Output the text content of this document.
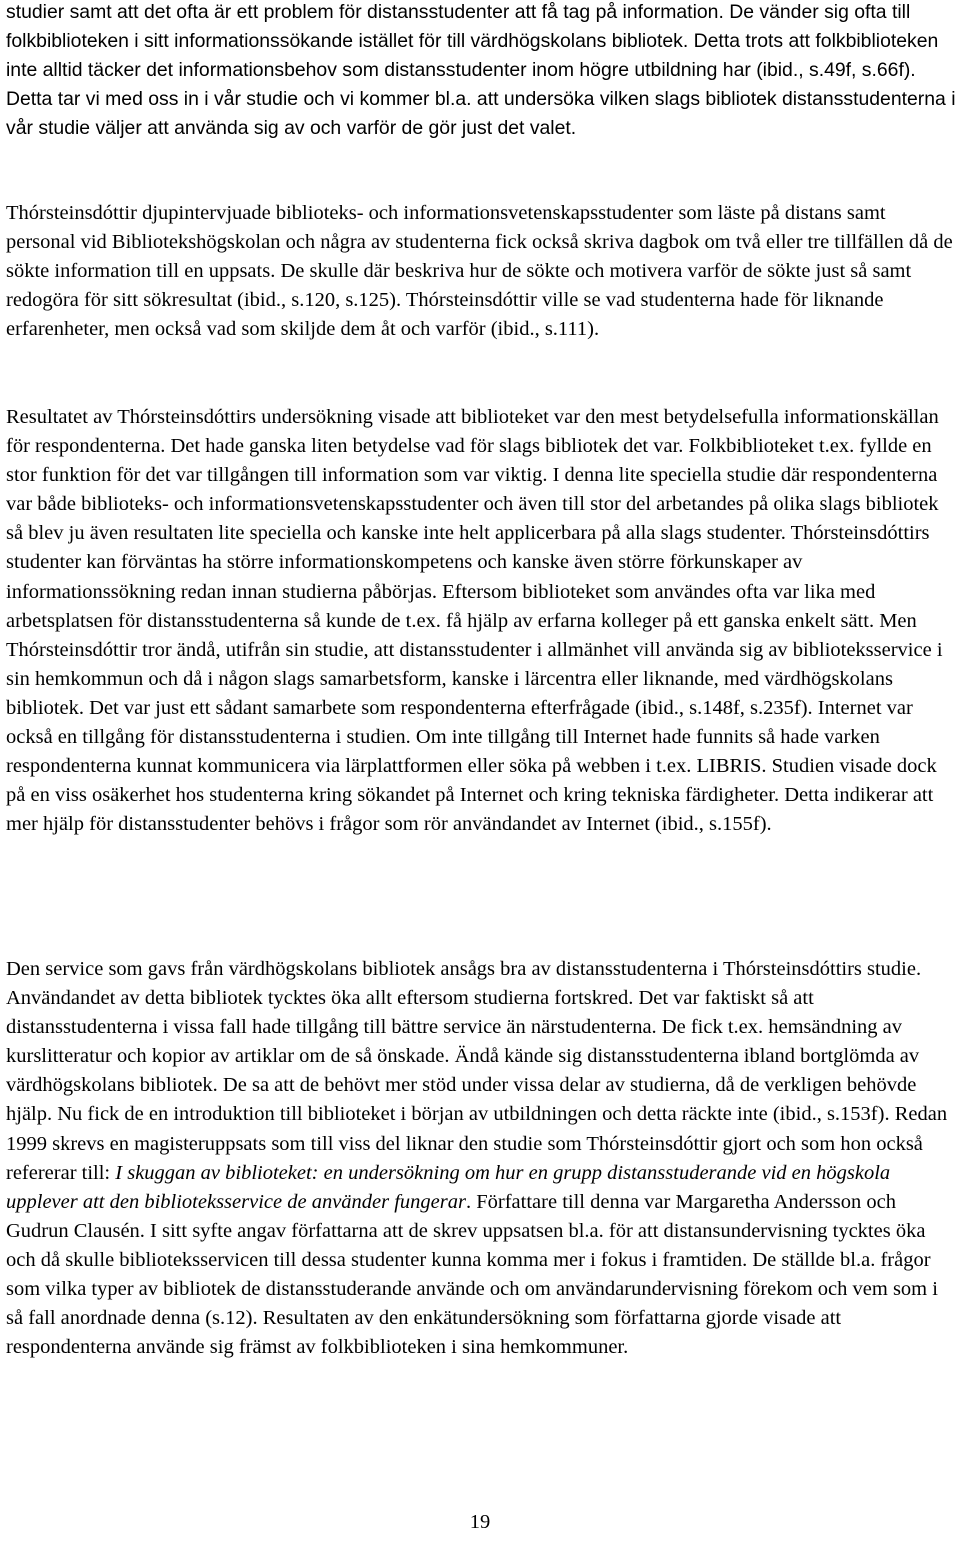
studier samt att det ofta är ett problem för distansstudenter att få tag på information. De vänder sig ofta till folkbiblioteken i sitt informationssökande istället för till värdhögskolans bibliotek. Detta trots att folkbiblioteken inte alltid täcker det informationsbehov som distansstudenter inom högre utbildning har (ibid., s.49f, s.66f). Detta tar vi med oss in i vår studie och vi kommer bl.a. att undersöka vilken slags bibliotek distansstudenterna i vår studie väljer att använda sig av och varför de gör just det valet.

Thórsteinsdóttir djupintervjuade biblioteks- och informationsvetenskapsstudenter som läste på distans samt personal vid Bibliotekshögskolan och några av studenterna fick också skriva dagbok om två eller tre tillfällen då de sökte information till en uppsats. De skulle där beskriva hur de sökte och motivera varför de sökte just så samt redogöra för sitt sökresultat (ibid., s.120, s.125). Thórsteinsdóttir ville se vad studenterna hade för liknande erfarenheter, men också vad som skiljde dem åt och varför (ibid., s.111).

Resultatet av Thórsteinsdóttirs undersökning visade att biblioteket var den mest betydelsefulla informationskällan för respondenterna. Det hade ganska liten betydelse vad för slags bibliotek det var. Folkbiblioteket t.ex. fyllde en stor funktion för det var tillgången till information som var viktig. I denna lite speciella studie där respondenterna var både biblioteks- och informationsvetenskapsstudenter och även till stor del arbetandes på olika slags bibliotek så blev ju även resultaten lite speciella och kanske inte helt applicerbara på alla slags studenter. Thórsteinsdóttirs studenter kan förväntas ha större informationskompetens och kanske även större förkunskaper av informationssökning redan innan studierna påbörjas. Eftersom biblioteket som användes ofta var lika med arbetsplatsen för distansstudenterna så kunde de t.ex. få hjälp av erfarna kolleger på ett ganska enkelt sätt. Men Thórsteinsdóttir tror ändå, utifrån sin studie, att distansstudenter i allmänhet vill använda sig av biblioteksservice i sin hemkommun och då i någon slags samarbetsform, kanske i lärcentra eller liknande, med värdhögskolans bibliotek. Det var just ett sådant samarbete som respondenterna efterfrågade (ibid., s.148f, s.235f). Internet var också en tillgång för distansstudenterna i studien. Om inte tillgång till Internet hade funnits så hade varken respondenterna kunnat kommunicera via lärplattformen eller söka på webben i t.ex. LIBRIS. Studien visade dock på en viss osäkerhet hos studenterna kring sökandet på Internet och kring tekniska färdigheter. Detta indikerar att mer hjälp för distansstudenter behövs i frågor som rör användandet av Internet (ibid., s.155f).

Den service som gavs från värdhögskolans bibliotek ansågs bra av distansstudenterna i Thórsteinsdóttirs studie. Användandet av detta bibliotek tycktes öka allt eftersom studierna fortskred. Det var faktiskt så att distansstudenterna i vissa fall hade tillgång till bättre service än närstudenterna. De fick t.ex. hemsändning av kurslitteratur och kopior av artiklar om de så önskade. Ändå kände sig distansstudenterna ibland bortglömda av värdhögskolans bibliotek. De sa att de behövt mer stöd under vissa delar av studierna, då de verkligen behövde hjälp. Nu fick de en introduktion till biblioteket i början av utbildningen och detta räckte inte (ibid., s.153f). Redan 1999 skrevs en magisteruppsats som till viss del liknar den studie som Thórsteinsdóttir gjort och som hon också refererar till: I skuggan av biblioteket: en undersökning om hur en grupp distansstuderande vid en högskola upplever att den biblioteksservice de använder fungerar. Författare till denna var Margaretha Andersson och Gudrun Clausén. I sitt syfte angav författarna att de skrev uppsatsen bl.a. för att distansundervisning tycktes öka och då skulle biblioteksservicen till dessa studenter kunna komma mer i fokus i framtiden. De ställde bl.a. frågor som vilka typer av bibliotek de distansstuderande använde och om användarundervisning förekom och vem som i så fall anordnade denna (s.12). Resultaten av den enkätundersökning som författarna gjorde visade att respondenterna använde sig främst av folkbiblioteken i sina hemkommuner.

19
